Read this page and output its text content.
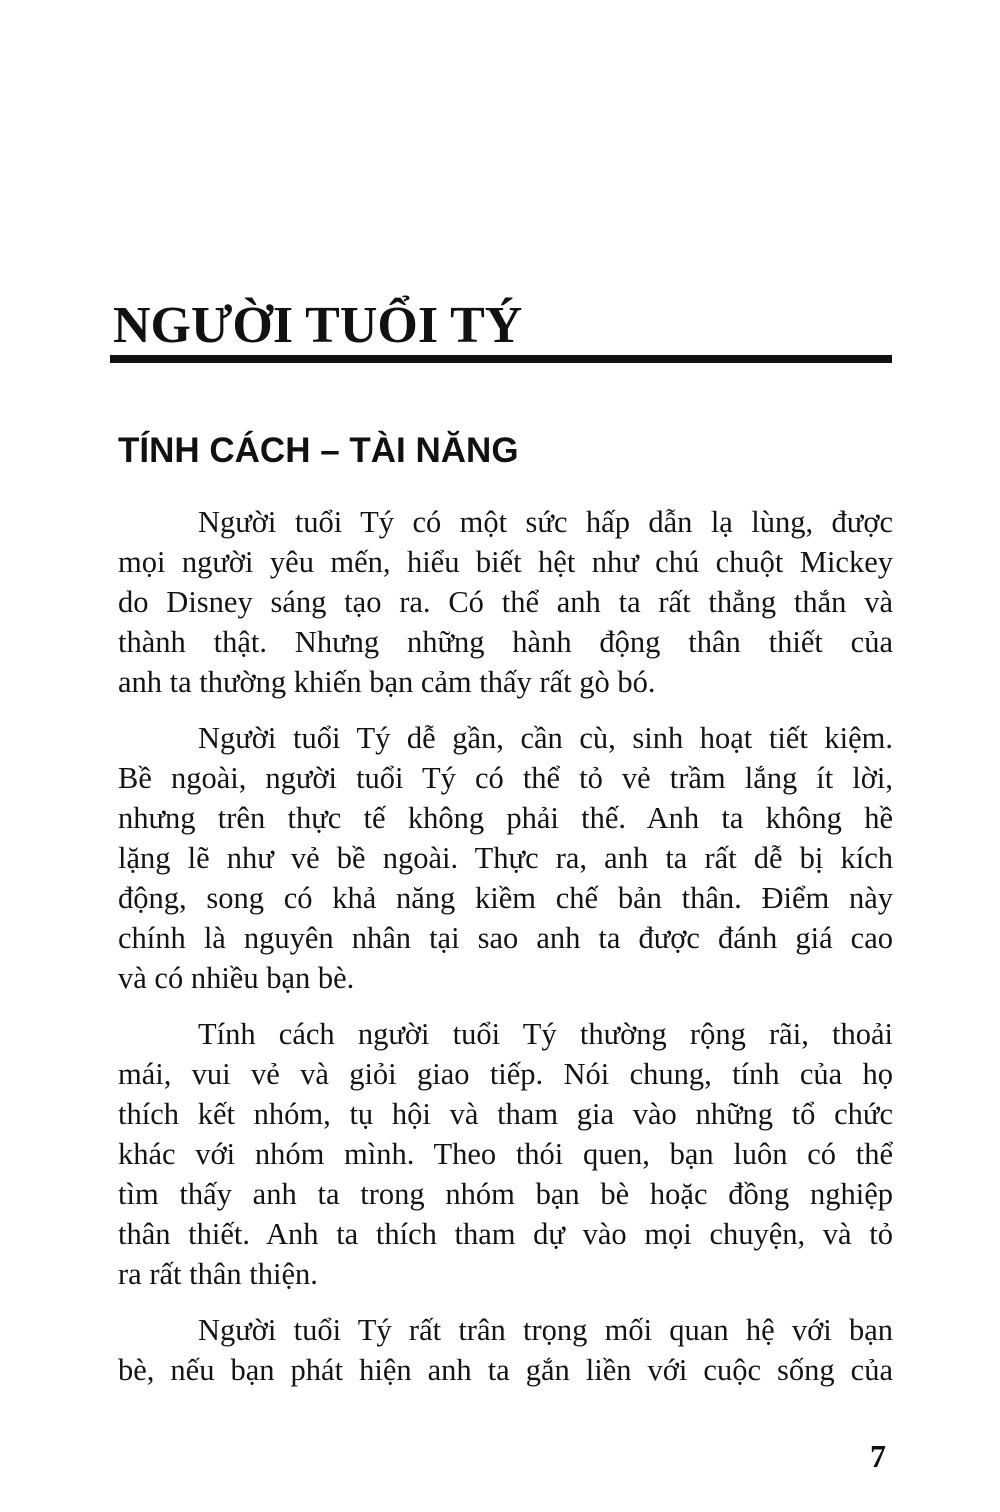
NGƯỜI TUỔI TÝ
TÍNH CÁCH – TÀI NĂNG

Người tuổi Tý có một sức hấp dẫn lạ lùng, được
mọi người yêu mến, hiểu biết hệt như chú chuột Mickey
do Disney sáng tạo ra. Có thể anh ta rất thẳng thắn và
thành thật. Nhưng những hành động thân thiết của
anh ta thường khiến bạn cảm thấy rất gò bó.

Người tuổi Tý dễ gần, cần cù, sinh hoạt tiết kiệm.
Bề ngoài, người tuổi Tý có thể tỏ vẻ trầm lắng ít lời,
nhưng trên thực tế không phải thế. Anh ta không hề
lặng lẽ như vẻ bề ngoài. Thực ra, anh ta rất dễ bị kích
động, song có khả năng kiềm chế bản thân. Điểm này
chính là nguyên nhân tại sao anh ta được đánh giá cao
và có nhiều bạn bè.

Tính cách người tuổi Tý thường rộng rãi, thoải
mái, vui vẻ và giỏi giao tiếp. Nói chung, tính của họ
thích kết nhóm, tụ hội và tham gia vào những tổ chức
khác với nhóm mình. Theo thói quen, bạn luôn có thể
tìm thấy anh ta trong nhóm bạn bè hoặc đồng nghiệp
thân thiết. Anh ta thích tham dự vào mọi chuyện, và tỏ
ra rất thân thiện.

Người tuổi Tý rất trân trọng mối quan hệ với bạn
bè, nếu bạn phát hiện anh ta gắn liền với cuộc sống của

7
